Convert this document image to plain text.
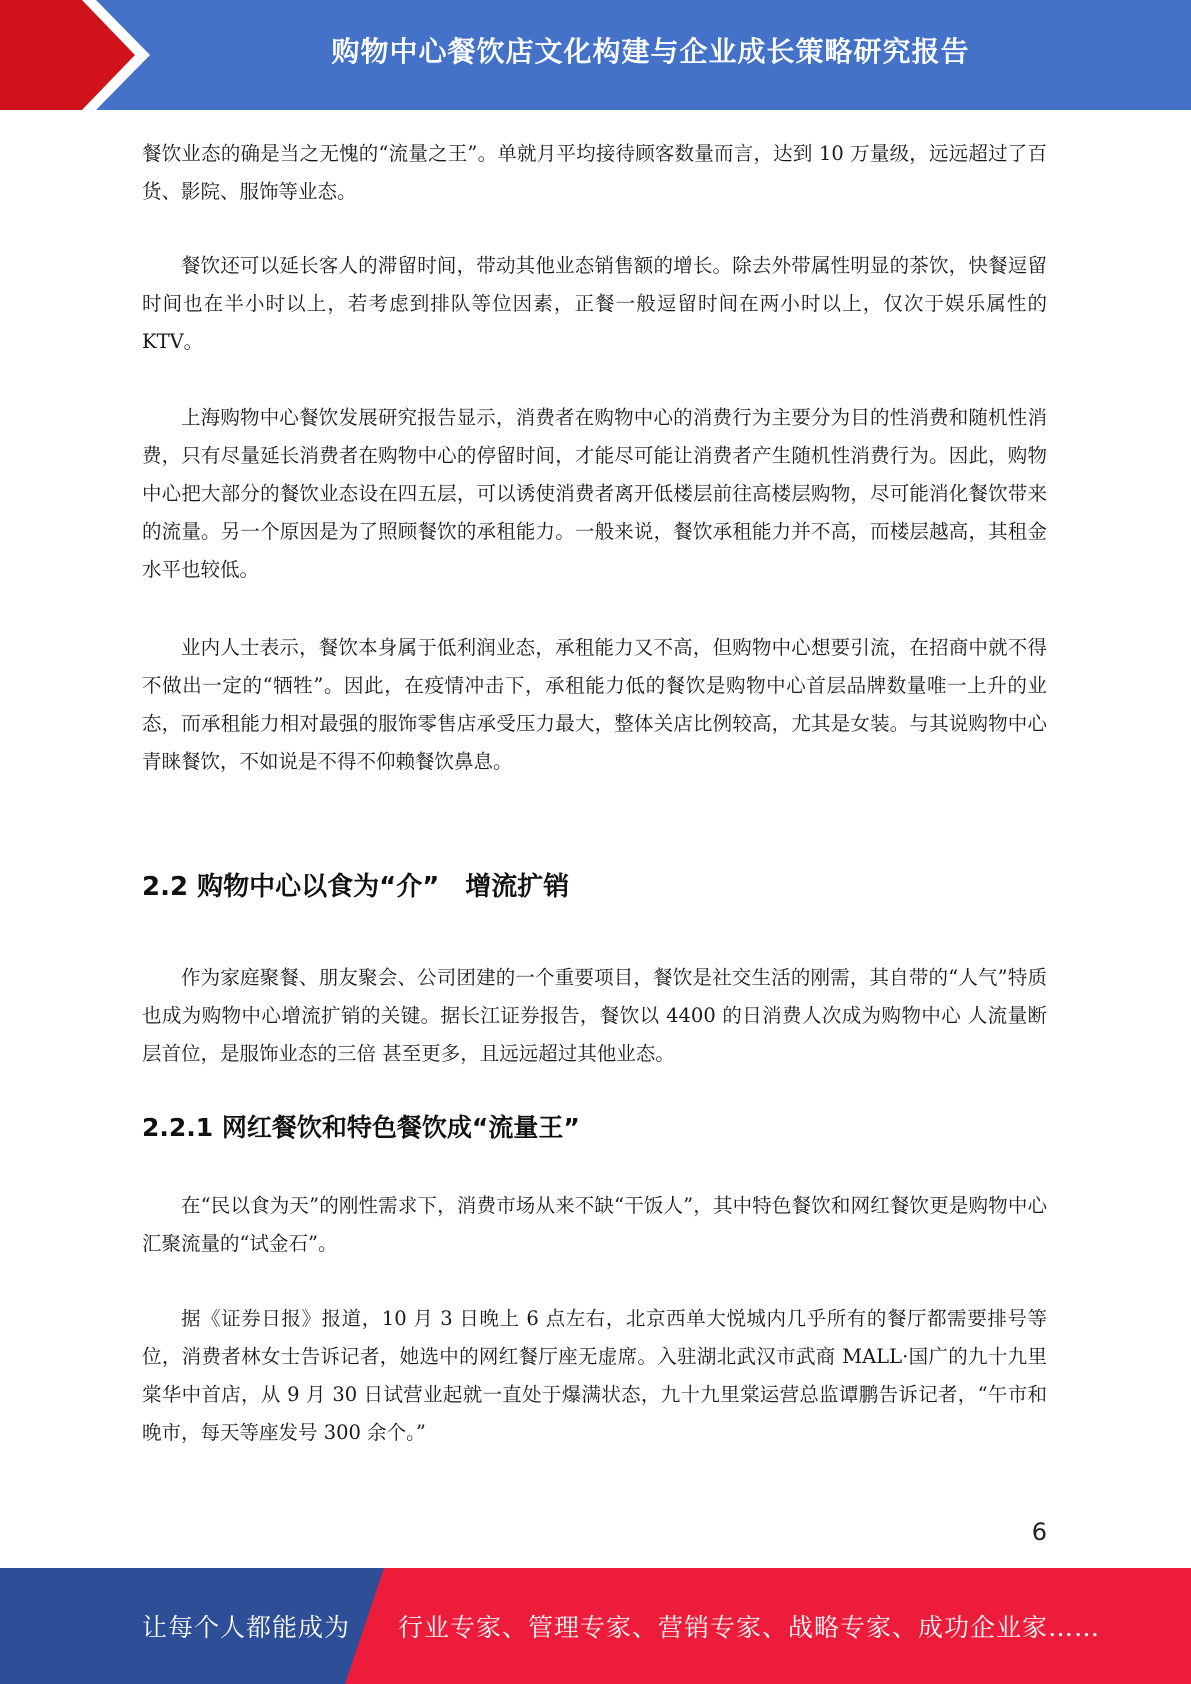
购物中心餐饮店文化构建与企业成长策略研究报告
餐饮业态的确是当之无愧的“流量之王”。单就月平均接待顾客数量而言，达到 10 万量级，远远超过了百货、影院、服饰等业态。
餐饮还可以延长客人的滞留时间，带动其他业态销售额的增长。除去外带属性明显的茶饮，快餐逗留时间也在半小时以上，若考虑到排队等位因素，正餐一般逗留时间在两小时以上，仅次于娱乐属性的 KTV。
上海购物中心餐饮发展研究报告显示，消费者在购物中心的消费行为主要分为目的性消费和随机性消费，只有尽量延长消费者在购物中心的停留时间，才能尽可能让消费者产生随机性消费行为。因此，购物中心把大部分的餐饮业态设在四五层，可以诱使消费者离开低楼层前往高楼层购物，尽可能消化餐饮带来的流量。另一个原因是为了照顾餐饮的承租能力。一般来说，餐饮承租能力并不高，而楼层越高，其租金水平也较低。
业内人士表示，餐饮本身属于低利润业态，承租能力又不高，但购物中心想要引流，在招商中就不得不做出一定的“牺牲”。因此，在疫情冲击下，承租能力低的餐饮是购物中心首层品牌数量唯一上升的业态，而承租能力相对最强的服饰零售店承受压力最大，整体关店比例较高，尤其是女装。与其说购物中心青睐餐饮，不如说是不得不仰赖餐饮鼻息。
2.2 购物中心以食为“介”　增流扩销
作为家庭聚餐、朋友聚会、公司团建的一个重要项目，餐饮是社交生活的刚需，其自带的“人气”特质也成为购物中心增流扩销的关键。据长江证券报告，餐饮以 4400 的日消费人次成为购物中心 人流量断层首位，是服饰业态的三倍 甚至更多，且远远超过其他业态。
2.2.1 网红餐饮和特色餐饮成“流量王”
在“民以食为天”的刚性需求下，消费市场从来不缺“干饭人”，其中特色餐饮和网红餐饮更是购物中心汇聚流量的“试金石”。
据《证券日报》报道，10 月 3 日晚上 6 点左右，北京西单大悦城内几乎所有的餐厅都需要排号等位，消费者林女士告诉记者，她选中的网红餐厅座无虚席。入驻湖北武汉市武商 MALL·国广的九十九里棠华中首店，从 9 月 30 日试营业起就一直处于爆满状态，九十九里棠运营总监谭鹏告诉记者，“午市和晚市，每天等座发号 300 余个。”
6
让每个人都能成为 行业专家、管理专家、营销专家、战略专家、成功企业家……
